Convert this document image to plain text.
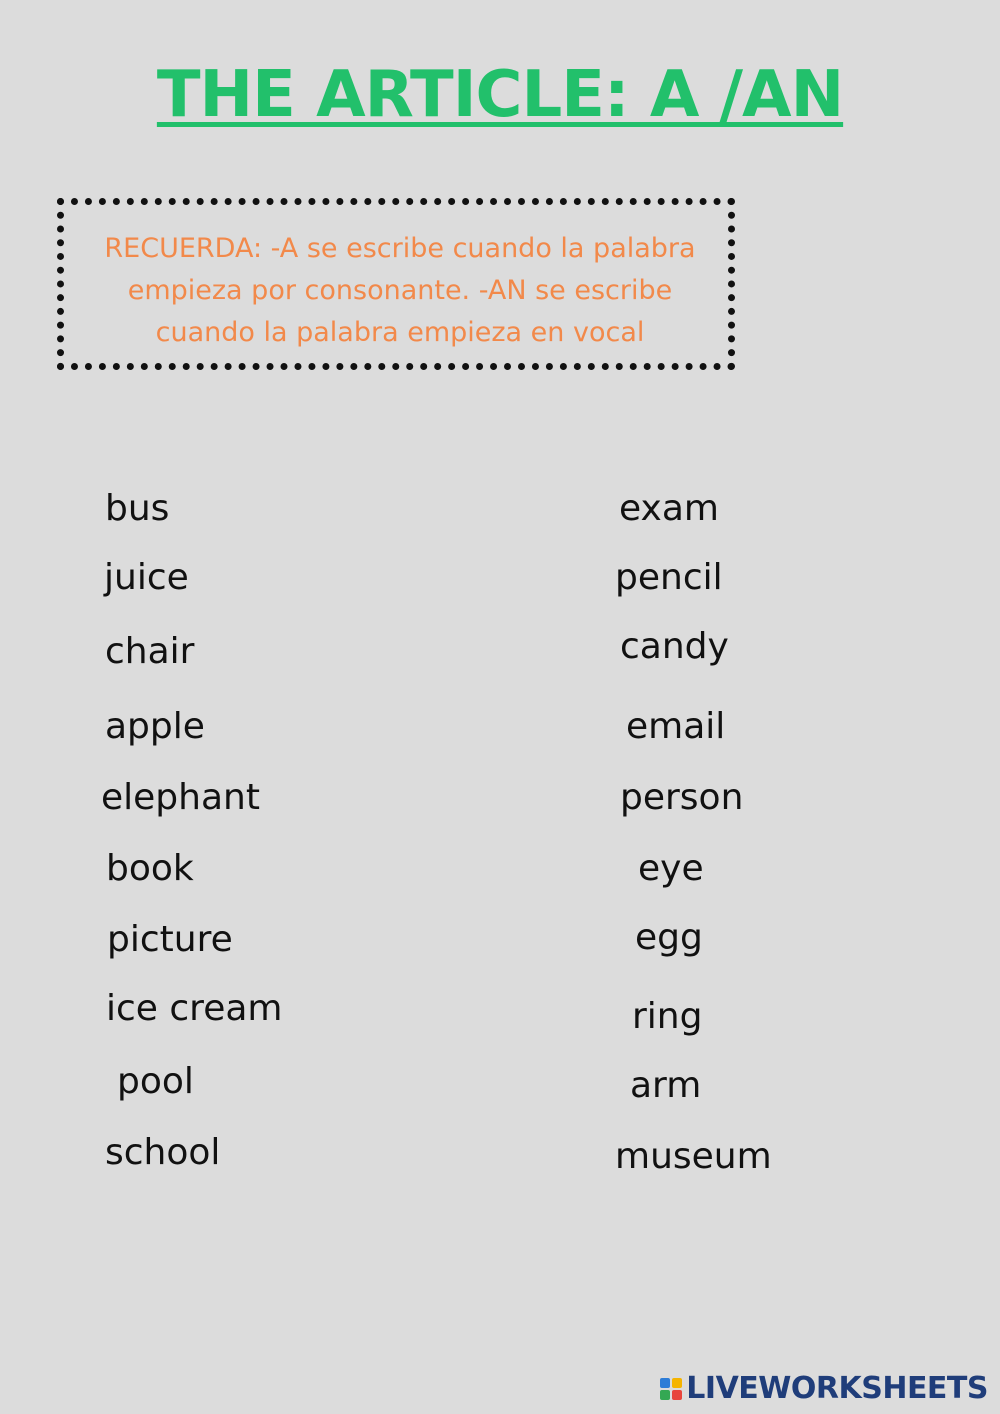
THE ARTICLE: A /AN

RECUERDA: -A se escribe cuando la palabra
empieza por consonante. -AN se escribe
cuando la palabra empieza en vocal

bus

juice

chair

apple

elephant

book

picture

ice cream

pool

school

exam

pencil

candy

email

person

eye

egg

ring

arm

museum

LIVEWORKSHEETS
